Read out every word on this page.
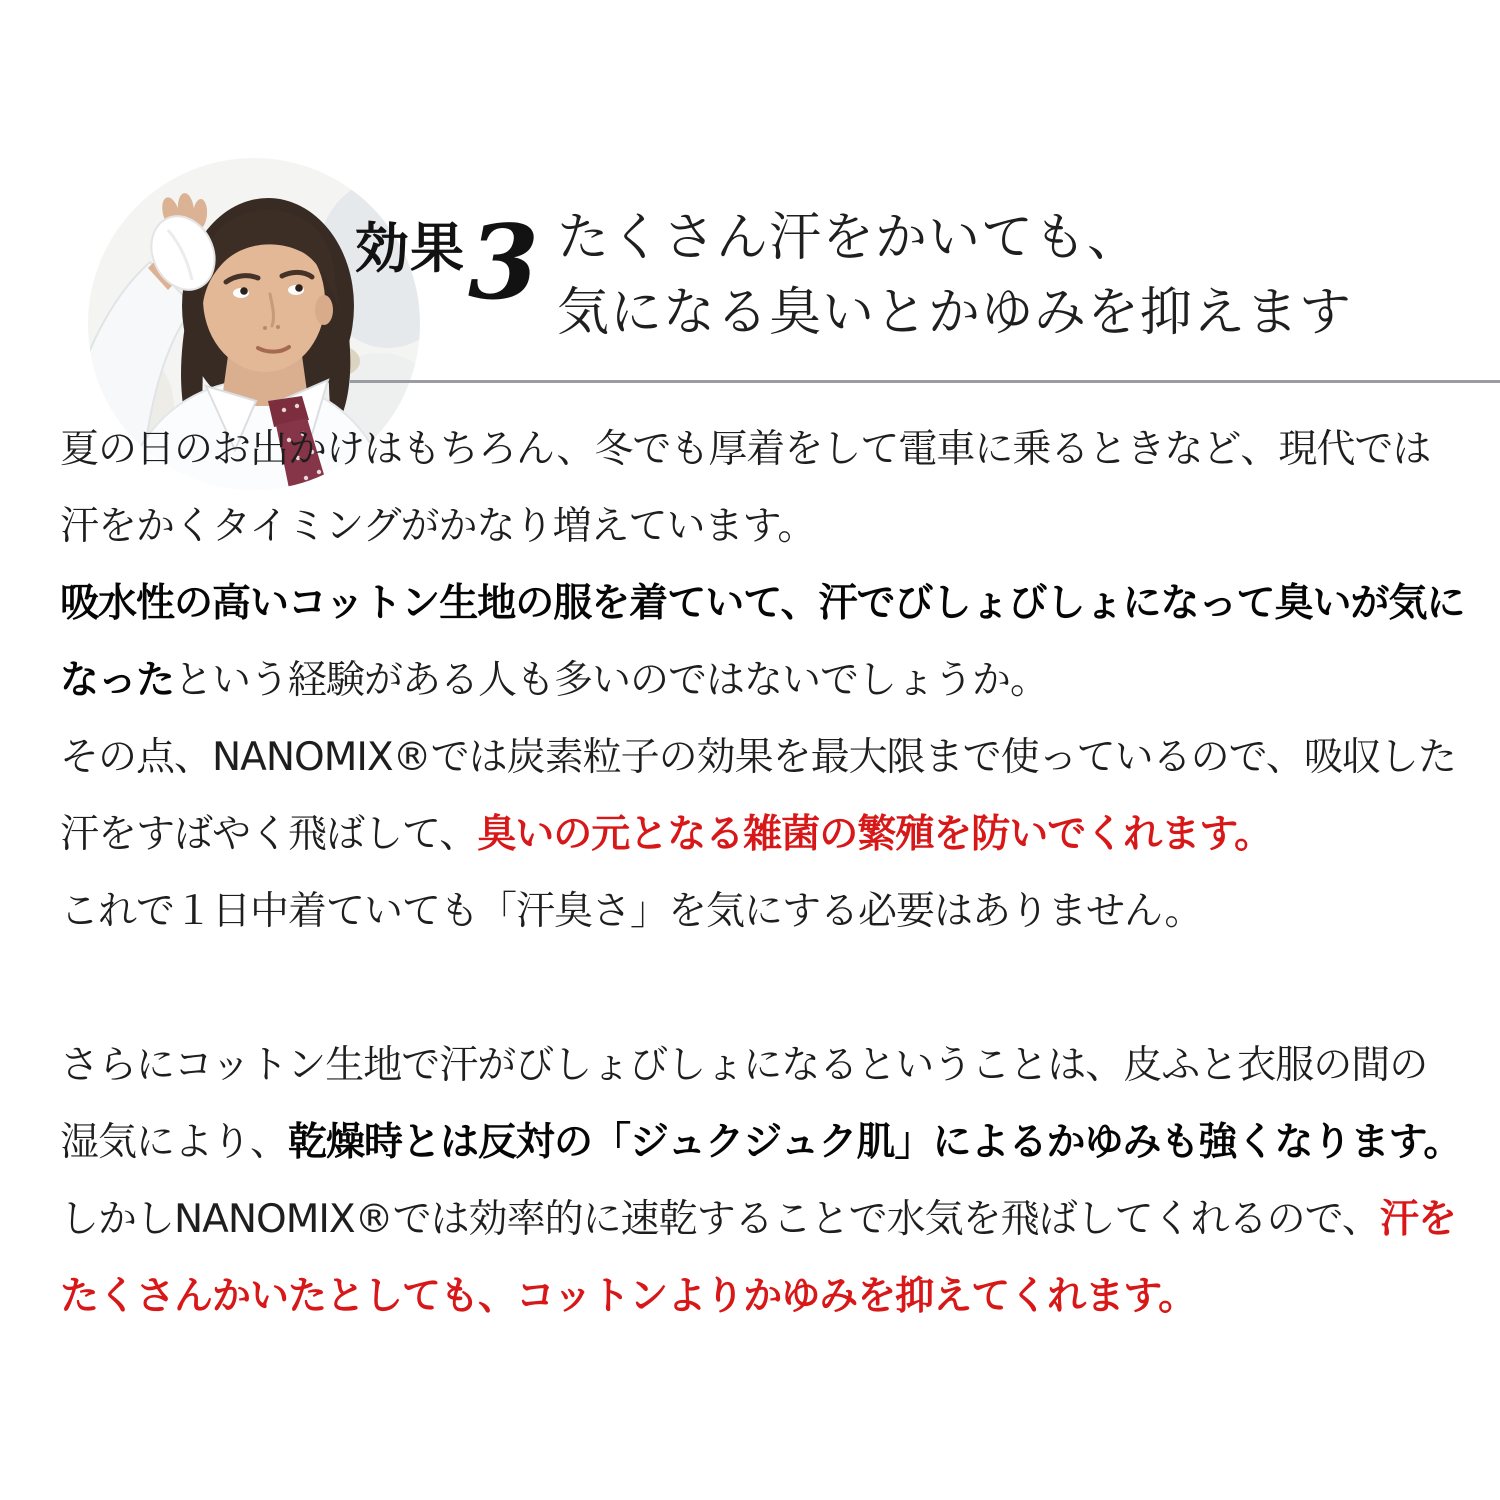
効果 3 たくさん汗をかいても、
気になる臭いとかゆみを抑えます
夏の日のお出かけはもちろん、冬でも厚着をして電車に乗るときなど、現代では
汗をかくタイミングがかなり増えています。
吸水性の高いコットン生地の服を着ていて、汗でびしょびしょになって臭いが気に
なったという経験がある人も多いのではないでしょうか。
その点、NANOMIX®では炭素粒子の効果を最大限まで使っているので、吸収した
汗をすばやく飛ばして、臭いの元となる雑菌の繁殖を防いでくれます。
これで１日中着ていても「汗臭さ」を気にする必要はありません。
さらにコットン生地で汗がびしょびしょになるということは、皮ふと衣服の間の
湿気により、乾燥時とは反対の「ジュクジュク肌」によるかゆみも強くなります。
しかしNANOMIX®では効率的に速乾することで水気を飛ばしてくれるので、汗を
たくさんかいたとしても、コットンよりかゆみを抑えてくれます。
